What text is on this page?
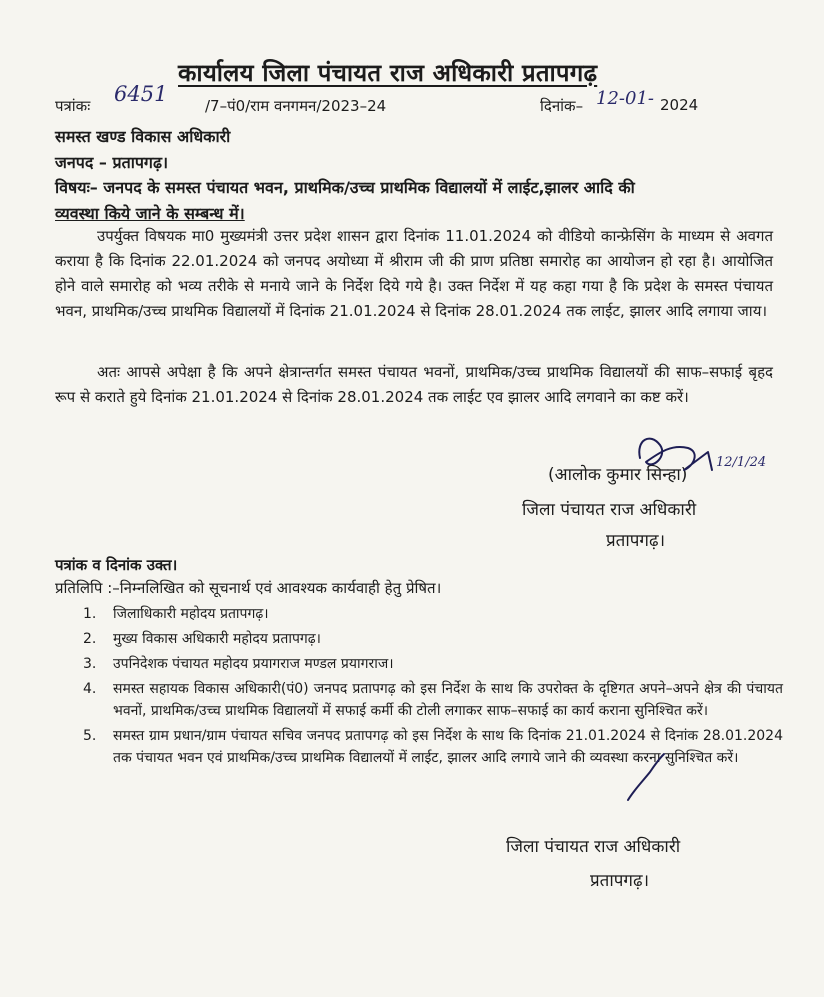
कार्यालय जिला पंचायत राज अधिकारी प्रतापगढ़
पत्रांकः 6451	/7–पं0/राम वनगमन/2023–24	दिनांक– 12-01- 2024
समस्त खण्ड विकास अधिकारी
जनपद – प्रतापगढ़।
विषयः– जनपद के समस्त पंचायत भवन, प्राथमिक/उच्च प्राथमिक विद्यालयों में लाईट,झालर आदि की
व्यवस्था किये जाने के सम्बन्ध में।
उपर्युक्त विषयक मा0 मुख्यमंत्री उत्तर प्रदेश शासन द्वारा दिनांक 11.01.2024 को वीडियो कान्फ्रेसिंग के माध्यम से अवगत कराया है कि दिनांक 22.01.2024 को जनपद अयोध्या में श्रीराम जी की प्राण प्रतिष्ठा समारोह का आयोजन हो रहा है। आयोजित होने वाले समारोह को भव्य तरीके से मनाये जाने के निर्देश दिये गये है। उक्त निर्देश में यह कहा गया है कि प्रदेश के समस्त पंचायत भवन, प्राथमिक/उच्च प्राथमिक विद्यालयों में दिनांक 21.01.2024 से दिनांक 28.01.2024 तक लाईट, झालर आदि लगाया जाय।
अतः आपसे अपेक्षा है कि अपने क्षेत्रान्तर्गत समस्त पंचायत भवनों, प्राथमिक/उच्च प्राथमिक विद्यालयों की साफ–सफाई बृहद रूप से कराते हुये दिनांक 21.01.2024 से दिनांक 28.01.2024 तक लाईट एव झालर आदि लगवाने का कष्ट करें।
(आलोक कुमार सिन्हा)
12/1/24
जिला पंचायत राज अधिकारी
प्रतापगढ़।
पत्रांक व दिनांक उक्त।
प्रतिलिपि :–निम्नलिखित को सूचनार्थ एवं आवश्यक कार्यवाही हेतु प्रेषित।
1. जिलाधिकारी महोदय प्रतापगढ़।
2. मुख्य विकास अधिकारी महोदय प्रतापगढ़।
3. उपनिदेशक पंचायत महोदय प्रयागराज मण्डल प्रयागराज।
4. समस्त सहायक विकास अधिकारी(पं0) जनपद प्रतापगढ़ को इस निर्देश के साथ कि उपरोक्त के दृष्टिगत अपने–अपने क्षेत्र की पंचायत भवनों, प्राथमिक/उच्च प्राथमिक विद्यालयों में सफाई कर्मी की टोली लगाकर साफ–सफाई का कार्य कराना सुनिश्चित करें।
5. समस्त ग्राम प्रधान/ग्राम पंचायत सचिव जनपद प्रतापगढ़ को इस निर्देश के साथ कि दिनांक 21.01.2024 से दिनांक 28.01.2024 तक पंचायत भवन एवं प्राथमिक/उच्च प्राथमिक विद्यालयों में लाईट, झालर आदि लगाये जाने की व्यवस्था करना सुनिश्चित करें।
जिला पंचायत राज अधिकारी
प्रतापगढ़।
